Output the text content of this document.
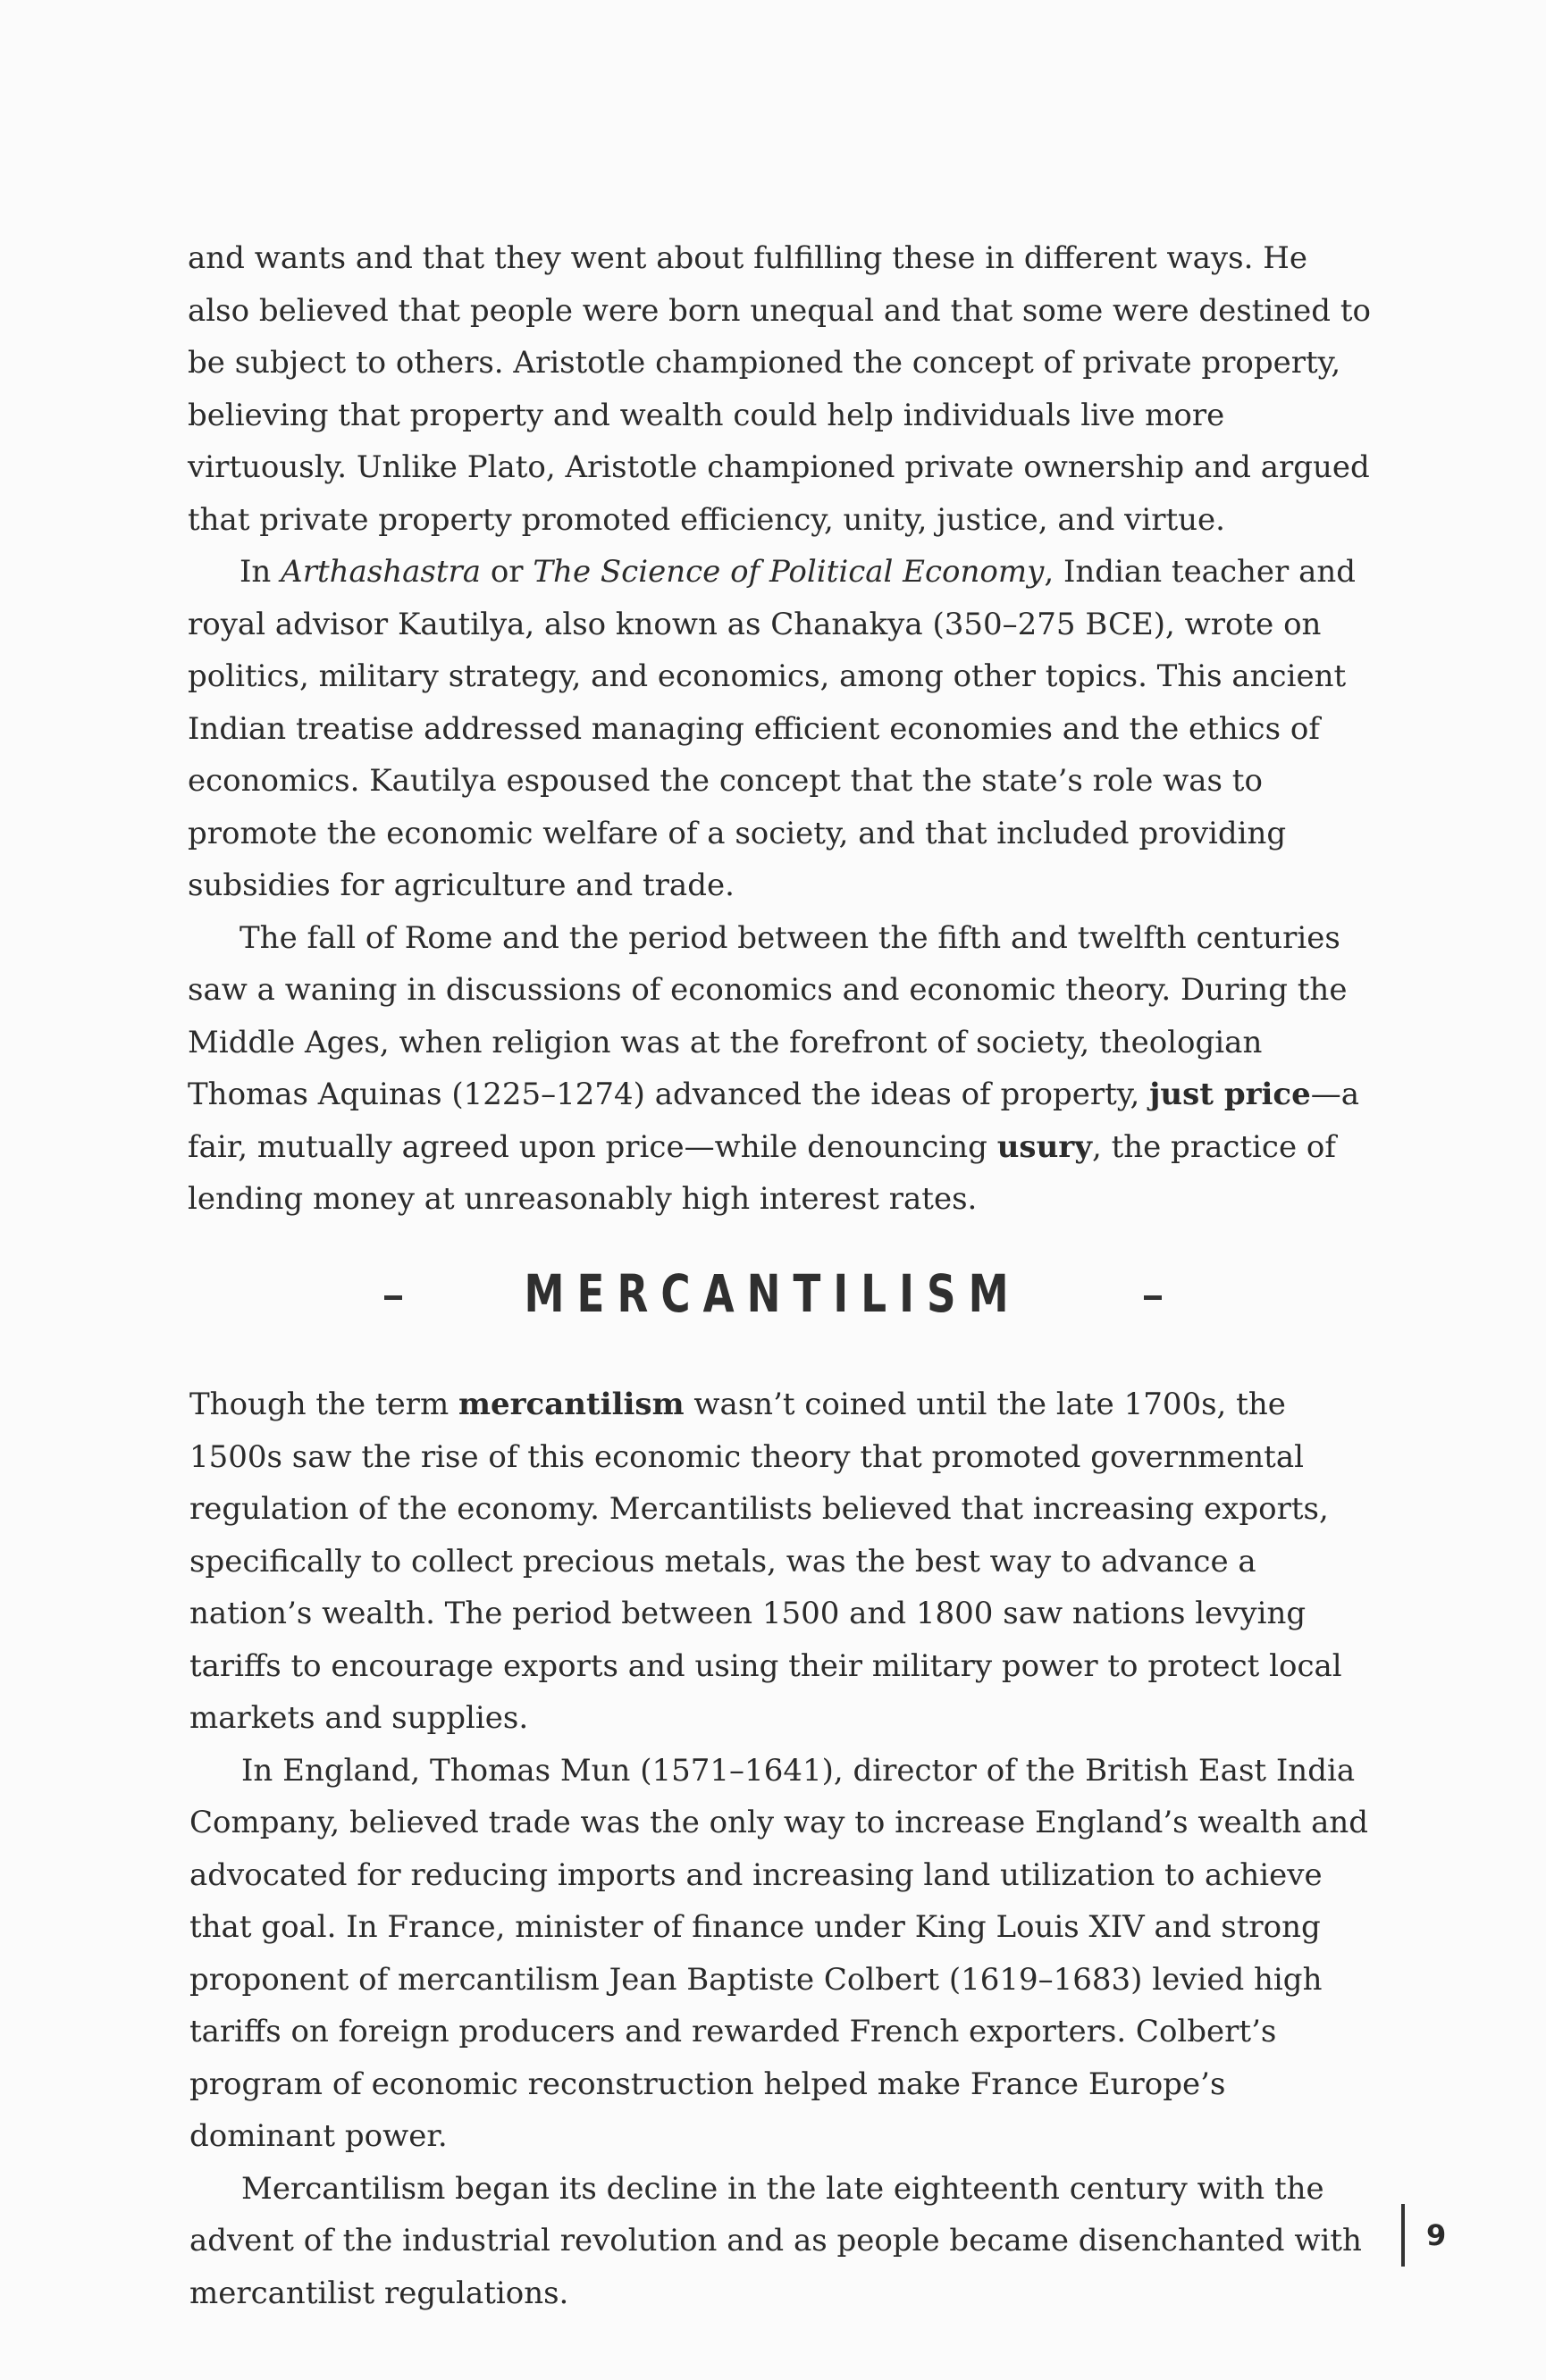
and wants and that they went about fulfilling these in different ways. He also believed that people were born unequal and that some were destined to be subject to others. Aristotle championed the concept of private property, believing that property and wealth could help individuals live more virtuously. Unlike Plato, Aristotle championed private ownership and argued that private property promoted efficiency, unity, justice, and virtue.

In Arthashastra or The Science of Political Economy, Indian teacher and royal advisor Kautilya, also known as Chanakya (350–275 BCE), wrote on politics, military strategy, and economics, among other topics. This ancient Indian treatise addressed managing efficient economies and the ethics of economics. Kautilya espoused the concept that the state’s role was to promote the economic welfare of a society, and that included providing subsidies for agriculture and trade.

The fall of Rome and the period between the fifth and twelfth centuries saw a waning in discussions of economics and economic theory. During the Middle Ages, when religion was at the forefront of society, theologian Thomas Aquinas (1225–1274) advanced the ideas of property, just price—a fair, mutually agreed upon price—while denouncing usury, the practice of lending money at unreasonably high interest rates.

MERCANTILISM

Though the term mercantilism wasn’t coined until the late 1700s, the 1500s saw the rise of this economic theory that promoted governmental regulation of the economy. Mercantilists believed that increasing exports, specifically to collect precious metals, was the best way to advance a nation’s wealth. The period between 1500 and 1800 saw nations levying tariffs to encourage exports and using their military power to protect local markets and supplies.

In England, Thomas Mun (1571–1641), director of the British East India Company, believed trade was the only way to increase England’s wealth and advocated for reducing imports and increasing land utilization to achieve that goal. In France, minister of finance under King Louis XIV and strong proponent of mercantilism Jean Baptiste Colbert (1619–1683) levied high tariffs on foreign producers and rewarded French exporters. Colbert’s program of economic reconstruction helped make France Europe’s dominant power.

Mercantilism began its decline in the late eighteenth century with the advent of the industrial revolution and as people became disenchanted with mercantilist regulations.

9
